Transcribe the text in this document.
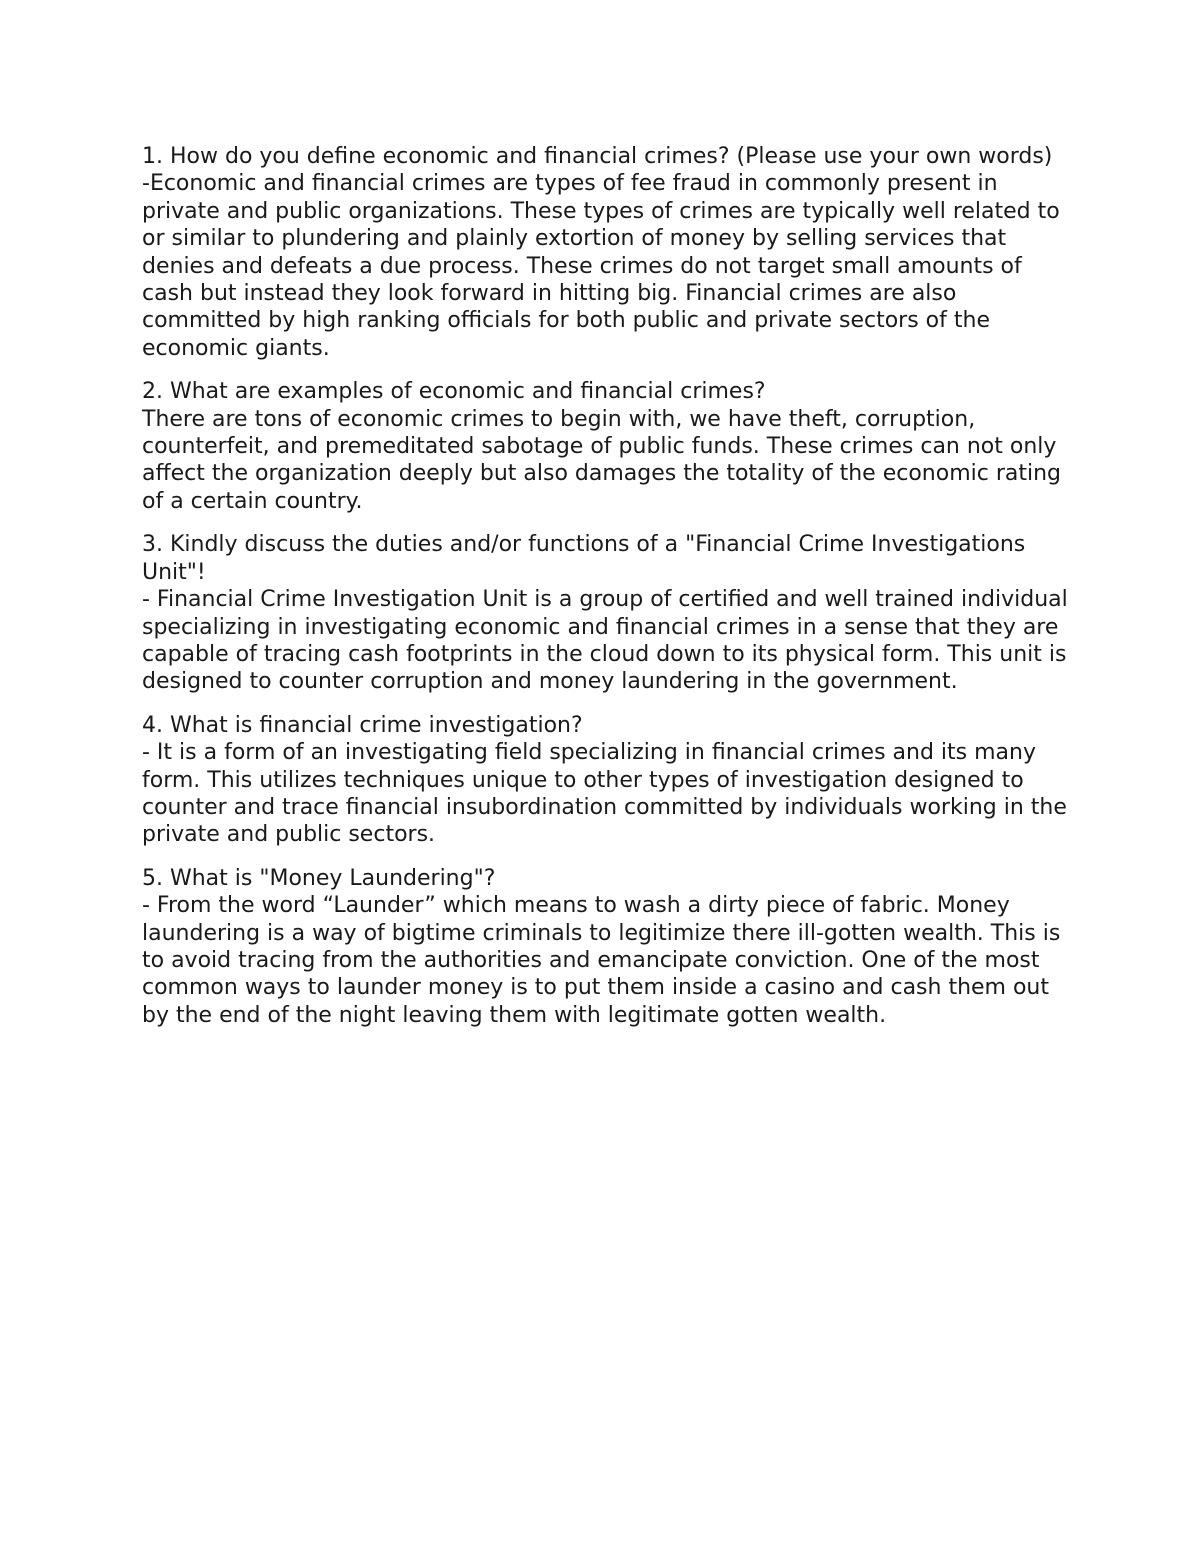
1. How do you define economic and financial crimes? (Please use your own words)

-Economic and financial crimes are types of fee fraud in commonly present in private and public organizations. These types of crimes are typically well related to or similar to plundering and plainly extortion of money by selling services that denies and defeats a due process. These crimes do not target small amounts of cash but instead they look forward in hitting big. Financial crimes are also committed by high ranking officials for both public and private sectors of the economic giants.

2. What are examples of economic and financial crimes?

There are tons of economic crimes to begin with, we have theft, corruption, counterfeit, and premeditated sabotage of public funds. These crimes can not only affect the organization deeply but also damages the totality of the economic rating of a certain country.

3. Kindly discuss the duties and/or functions of a "Financial Crime Investigations Unit"!

- Financial Crime Investigation Unit is a group of certified and well trained individual specializing in investigating economic and financial crimes in a sense that they are capable of tracing cash footprints in the cloud down to its physical form. This unit is designed to counter corruption and money laundering in the government.

4. What is financial crime investigation?

- It is a form of an investigating field specializing in financial crimes and its many form. This utilizes techniques unique to other types of investigation designed to counter and trace financial insubordination committed by individuals working in the private and public sectors.

5. What is "Money Laundering"?

- From the word “Launder” which means to wash a dirty piece of fabric. Money laundering is a way of bigtime criminals to legitimize there ill-gotten wealth. This is to avoid tracing from the authorities and emancipate conviction. One of the most common ways to launder money is to put them inside a casino and cash them out by the end of the night leaving them with legitimate gotten wealth.
